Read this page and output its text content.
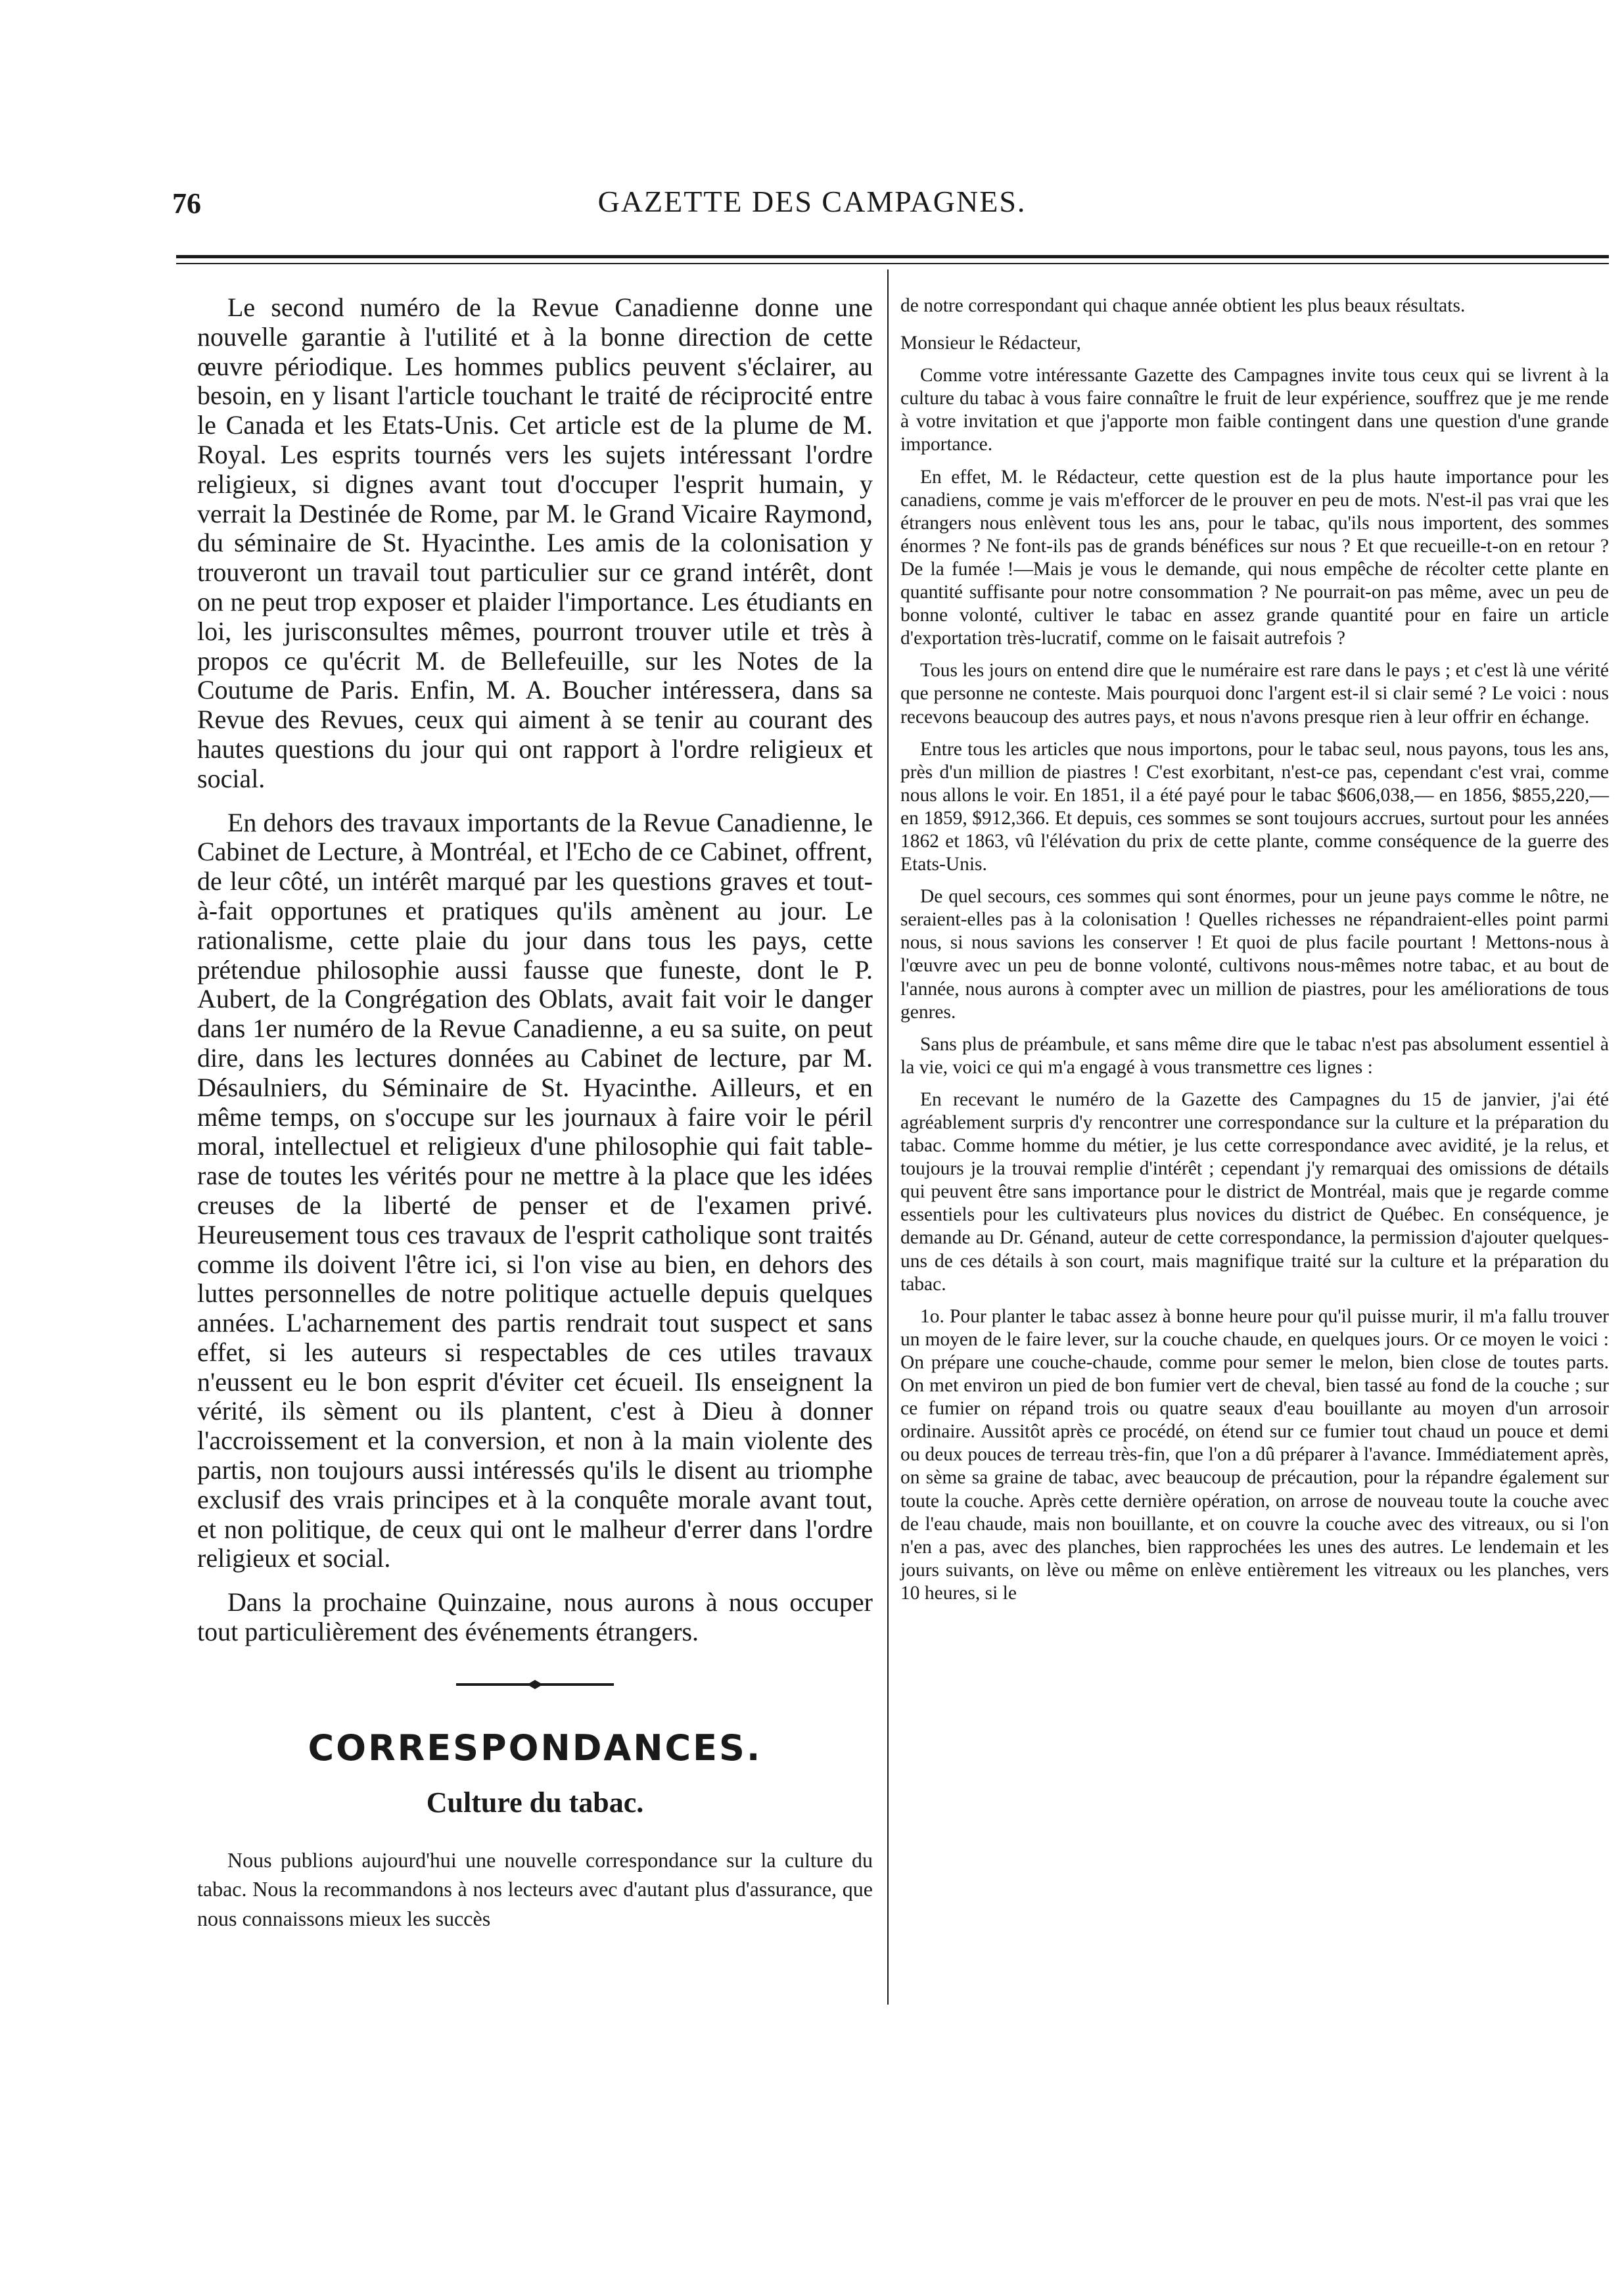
76	GAZETTE DES CAMPAGNES.

Le second numéro de la Revue Canadienne donne une nouvelle garantie à l'utilité et à la bonne direction de cette œuvre périodique. Les hommes publics peuvent s'éclairer, au besoin, en y lisant l'article touchant le traité de réciprocité entre le Canada et les Etats-Unis. Cet article est de la plume de M. Royal. Les esprits tournés vers les sujets intéressant l'ordre religieux, si dignes avant tout d'occuper l'esprit humain, y verrait la Destinée de Rome, par M. le Grand Vicaire Raymond, du séminaire de St. Hyacinthe. Les amis de la colonisation y trouveront un travail tout particulier sur ce grand intérêt, dont on ne peut trop exposer et plaider l'importance. Les étudiants en loi, les jurisconsultes mêmes, pourront trouver utile et très à propos ce qu'écrit M. de Bellefeuille, sur les Notes de la Coutume de Paris. Enfin, M. A. Boucher intéressera, dans sa Revue des Revues, ceux qui aiment à se tenir au courant des hautes questions du jour qui ont rapport à l'ordre religieux et social.

En dehors des travaux importants de la Revue Canadienne, le Cabinet de Lecture, à Montréal, et l'Echo de ce Cabinet, offrent, de leur côté, un intérêt marqué par les questions graves et tout-à-fait opportunes et pratiques qu'ils amènent au jour. Le rationalisme, cette plaie du jour dans tous les pays, cette prétendue philosophie aussi fausse que funeste, dont le P. Aubert, de la Congrégation des Oblats, avait fait voir le danger dans 1er numéro de la Revue Canadienne, a eu sa suite, on peut dire, dans les lectures données au Cabinet de lecture, par M. Désaulniers, du Séminaire de St. Hyacinthe. Ailleurs, et en même temps, on s'occupe sur les journaux à faire voir le péril moral, intellectuel et religieux d'une philosophie qui fait table-rase de toutes les vérités pour ne mettre à la place que les idées creuses de la liberté de penser et de l'examen privé. Heureusement tous ces travaux de l'esprit catholique sont traités comme ils doivent l'être ici, si l'on vise au bien, en dehors des luttes personnelles de notre politique actuelle depuis quelques années. L'acharnement des partis rendrait tout suspect et sans effet, si les auteurs si respectables de ces utiles travaux n'eussent eu le bon esprit d'éviter cet écueil. Ils enseignent la vérité, ils sèment ou ils plantent, c'est à Dieu à donner l'accroissement et la conversion, et non à la main violente des partis, non toujours aussi intéressés qu'ils le disent au triomphe exclusif des vrais principes et à la conquête morale avant tout, et non politique, de ceux qui ont le malheur d'errer dans l'ordre religieux et social.

Dans la prochaine Quinzaine, nous aurons à nous occuper tout particulièrement des événements étrangers.

CORRESPONDANCES.
Culture du tabac.

Nous publions aujourd'hui une nouvelle correspondance sur la culture du tabac. Nous la recommandons à nos lecteurs avec d'autant plus d'assurance, que nous connaissons mieux les succès

de notre correspondant qui chaque année obtient les plus beaux résultats.

Monsieur le Rédacteur,

Comme votre intéressante Gazette des Campagnes invite tous ceux qui se livrent à la culture du tabac à vous faire connaître le fruit de leur expérience, souffrez que je me rende à votre invitation et que j'apporte mon faible contingent dans une question d'une grande importance.

En effet, M. le Rédacteur, cette question est de la plus haute importance pour les canadiens, comme je vais m'efforcer de le prouver en peu de mots. N'est-il pas vrai que les étrangers nous enlèvent tous les ans, pour le tabac, qu'ils nous importent, des sommes énormes ? Ne font-ils pas de grands bénéfices sur nous ? Et que recueille-t-on en retour ? De la fumée !—Mais je vous le demande, qui nous empêche de récolter cette plante en quantité suffisante pour notre consommation ? Ne pourrait-on pas même, avec un peu de bonne volonté, cultiver le tabac en assez grande quantité pour en faire un article d'exportation très-lucratif, comme on le faisait autrefois ?

Tous les jours on entend dire que le numéraire est rare dans le pays ; et c'est là une vérité que personne ne conteste. Mais pourquoi donc l'argent est-il si clair semé ? Le voici : nous recevons beaucoup des autres pays, et nous n'avons presque rien à leur offrir en échange.

Entre tous les articles que nous importons, pour le tabac seul, nous payons, tous les ans, près d'un million de piastres ! C'est exorbitant, n'est-ce pas, cependant c'est vrai, comme nous allons le voir. En 1851, il a été payé pour le tabac $606,038,— en 1856, $855,220,— en 1859, $912,366. Et depuis, ces sommes se sont toujours accrues, surtout pour les années 1862 et 1863, vû l'élévation du prix de cette plante, comme conséquence de la guerre des Etats-Unis.

De quel secours, ces sommes qui sont énormes, pour un jeune pays comme le nôtre, ne seraient-elles pas à la colonisation ! Quelles richesses ne répandraient-elles point parmi nous, si nous savions les conserver ! Et quoi de plus facile pourtant ! Mettons-nous à l'œuvre avec un peu de bonne volonté, cultivons nous-mêmes notre tabac, et au bout de l'année, nous aurons à compter avec un million de piastres, pour les améliorations de tous genres.

Sans plus de préambule, et sans même dire que le tabac n'est pas absolument essentiel à la vie, voici ce qui m'a engagé à vous transmettre ces lignes :

En recevant le numéro de la Gazette des Campagnes du 15 de janvier, j'ai été agréablement surpris d'y rencontrer une correspondance sur la culture et la préparation du tabac. Comme homme du métier, je lus cette correspondance avec avidité, je la relus, et toujours je la trouvai remplie d'intérêt ; cependant j'y remarquai des omissions de détails qui peuvent être sans importance pour le district de Montréal, mais que je regarde comme essentiels pour les cultivateurs plus novices du district de Québec. En conséquence, je demande au Dr. Génand, auteur de cette correspondance, la permission d'ajouter quelques-uns de ces détails à son court, mais magnifique traité sur la culture et la préparation du tabac.

1o. Pour planter le tabac assez à bonne heure pour qu'il puisse murir, il m'a fallu trouver un moyen de le faire lever, sur la couche chaude, en quelques jours. Or ce moyen le voici : On prépare une couche-chaude, comme pour semer le melon, bien close de toutes parts. On met environ un pied de bon fumier vert de cheval, bien tassé au fond de la couche ; sur ce fumier on répand trois ou quatre seaux d'eau bouillante au moyen d'un arrosoir ordinaire. Aussitôt après ce procédé, on étend sur ce fumier tout chaud un pouce et demi ou deux pouces de terreau très-fin, que l'on a dû préparer à l'avance. Immédiatement après, on sème sa graine de tabac, avec beaucoup de précaution, pour la répandre également sur toute la couche. Après cette dernière opération, on arrose de nouveau toute la couche avec de l'eau chaude, mais non bouillante, et on couvre la couche avec des vitreaux, ou si l'on n'en a pas, avec des planches, bien rapprochées les unes des autres. Le lendemain et les jours suivants, on lève ou même on enlève entièrement les vitreaux ou les planches, vers 10 heures, si le
